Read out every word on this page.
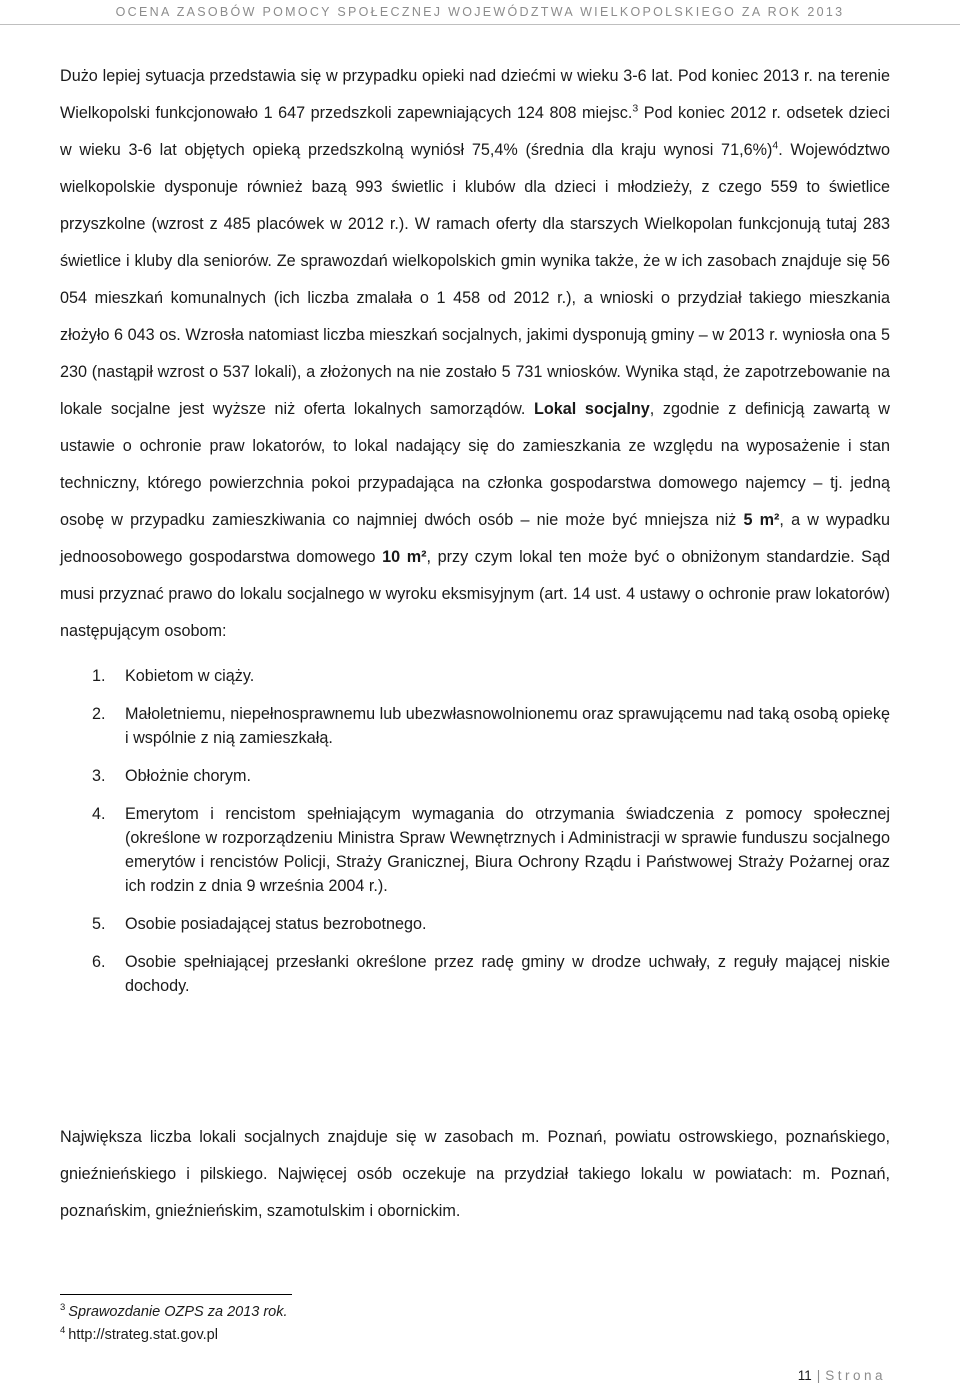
OCENA ZASOBÓW POMOCY SPOŁECZNEJ WOJEWÓDZTWA WIELKOPOLSKIEGO ZA ROK 2013

Dużo lepiej sytuacja przedstawia się w przypadku opieki nad dziećmi w wieku 3-6 lat. Pod koniec 2013 r. na terenie Wielkopolski funkcjonowało 1 647 przedszkoli zapewniających 124 808 miejsc.$^3$ Pod koniec 2012 r. odsetek dzieci w wieku 3-6 lat objętych opieką przedszkolną wyniósł 75,4% (średnia dla kraju wynosi 71,6%)$^4$. Województwo wielkopolskie dysponuje również bazą 993 świetlic i klubów dla dzieci i młodzieży, z czego 559 to świetlice przyszkolne (wzrost z 485 placówek w 2012 r.). W ramach oferty dla starszych Wielkopolan funkcjonują tutaj 283 świetlice i kluby dla seniorów. Ze sprawozdań wielkopolskich gmin wynika także, że w ich zasobach znajduje się 56 054 mieszkań komunalnych (ich liczba zmalała o 1 458 od 2012 r.), a wnioski o przydział takiego mieszkania złożyło 6 043 os. Wzrosła natomiast liczba mieszkań socjalnych, jakimi dysponują gminy – w 2013 r. wyniosła ona 5 230 (nastąpił wzrost o 537 lokali), a złożonych na nie zostało 5 731 wniosków. Wynika stąd, że zapotrzebowanie na lokale socjalne jest wyższe niż oferta lokalnych samorządów. Lokal socjalny, zgodnie z definicją zawartą w ustawie o ochronie praw lokatorów, to lokal nadający się do zamieszkania ze względu na wyposażenie i stan techniczny, którego powierzchnia pokoi przypadająca na członka gospodarstwa domowego najemcy – tj. jedną osobę w przypadku zamieszkiwania co najmniej dwóch osób – nie może być mniejsza niż 5 m², a w wypadku jednoosobowego gospodarstwa domowego 10 m², przy czym lokal ten może być o obniżonym standardzie. Sąd musi przyznać prawo do lokalu socjalnego w wyroku eksmisyjnym (art. 14 ust. 4 ustawy o ochronie praw lokatorów) następującym osobom:

1. Kobietom w ciąży.
2. Małoletniemu, niepełnosprawnemu lub ubezwłasnowolnionemu oraz sprawującemu nad taką osobą opiekę i wspólnie z nią zamieszkałą.
3. Obłożnie chorym.
4. Emerytom i rencistom spełniającym wymagania do otrzymania świadczenia z pomocy społecznej (określone w rozporządzeniu Ministra Spraw Wewnętrznych i Administracji w sprawie funduszu socjalnego emerytów i rencistów Policji, Straży Granicznej, Biura Ochrony Rządu i Państwowej Straży Pożarnej oraz ich rodzin z dnia 9 września 2004 r.).
5. Osobie posiadającej status bezrobotnego.
6. Osobie spełniającej przesłanki określone przez radę gminy w drodze uchwały, z reguły mającej niskie dochody.

Największa liczba lokali socjalnych znajduje się w zasobach m. Poznań, powiatu ostrowskiego, poznańskiego, gnieźnieńskiego i pilskiego. Najwięcej osób oczekuje na przydział takiego lokalu w powiatach: m. Poznań, poznańskim, gnieźnieńskim, szamotulskim i obornickim.

$^3$ Sprawozdanie OZPS za 2013 rok.
$^4$ http://strateg.stat.gov.pl
11 | Strona
